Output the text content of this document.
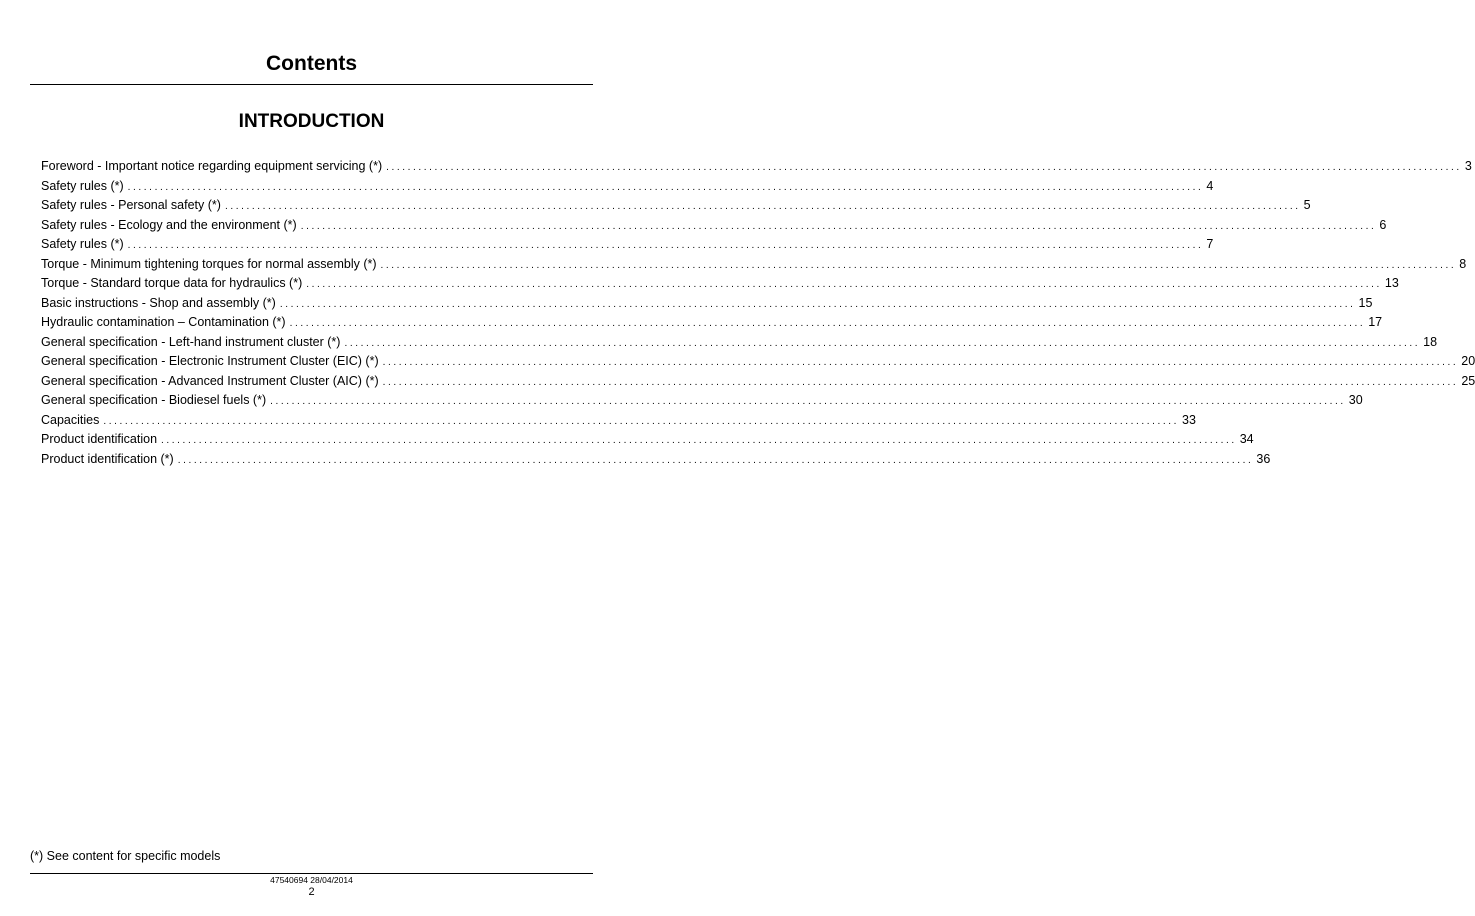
Contents
INTRODUCTION
Foreword - Important notice regarding equipment servicing (*) ........................................................................................................................................................................................................ 3
Safety rules (*) ........................................................................................................................................................................................................ 4
Safety rules - Personal safety (*) ........................................................................................................................................................................................................ 5
Safety rules - Ecology and the environment (*) ........................................................................................................................................................................................................ 6
Safety rules (*) ........................................................................................................................................................................................................ 7
Torque - Minimum tightening torques for normal assembly (*) ........................................................................................................................................................................................................ 8
Torque - Standard torque data for hydraulics (*) ........................................................................................................................................................................................................ 13
Basic instructions - Shop and assembly (*) ........................................................................................................................................................................................................ 15
Hydraulic contamination – Contamination (*) ........................................................................................................................................................................................................ 17
General specification - Left-hand instrument cluster (*) ........................................................................................................................................................................................................ 18
General specification - Electronic Instrument Cluster (EIC) (*) ........................................................................................................................................................................................................ 20
General specification - Advanced Instrument Cluster (AIC) (*) ........................................................................................................................................................................................................ 25
General specification - Biodiesel fuels (*) ........................................................................................................................................................................................................ 30
Capacities ........................................................................................................................................................................................................ 33
Product identification ........................................................................................................................................................................................................ 34
Product identification (*) ........................................................................................................................................................................................................ 36
(*) See content for specific models
47540694 28/04/2014
2
